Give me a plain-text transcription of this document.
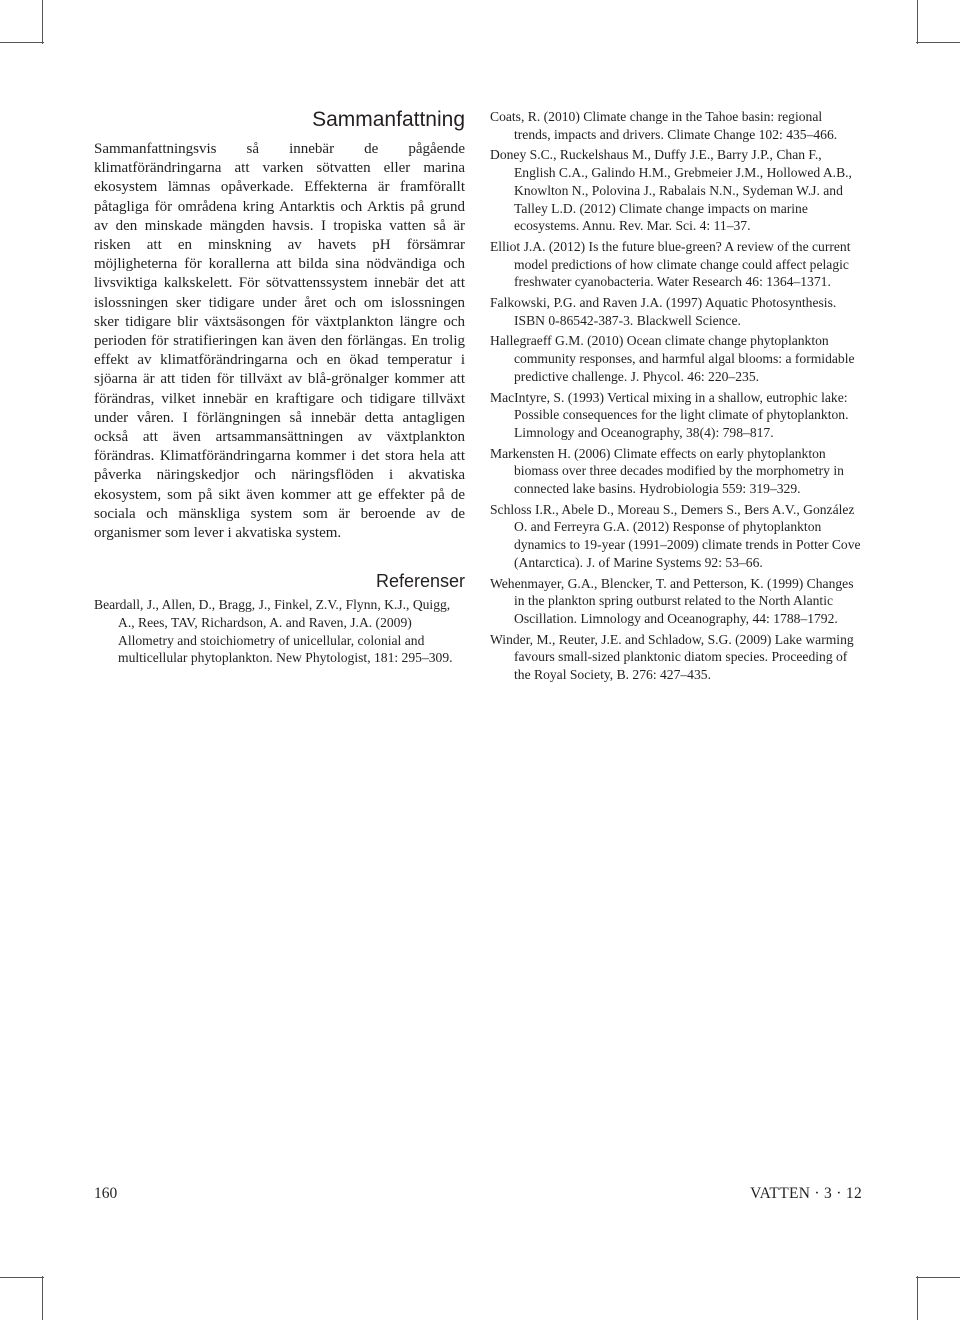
Sammanfattning

Sammanfattningsvis så innebär de pågående klimatförändringarna att varken sötvatten eller marina ekosystem lämnas opåverkade. Effekterna är framförallt påtagliga för områdena kring Antarktis och Arktis på grund av den minskade mängden havsis. I tropiska vatten så är risken att en minskning av havets pH försämrar möjligheterna för korallerna att bilda sina nödvändiga och livsviktiga kalkskelett. För sötvattenssystem innebär det att islossningen sker tidigare under året och om islossningen sker tidigare blir växtsäsongen för växtplankton längre och perioden för stratifieringen kan även den förlängas. En trolig effekt av klimatförändringarna och en ökad temperatur i sjöarna är att tiden för tillväxt av blå-grönalger kommer att förändras, vilket innebär en kraftigare och tidigare tillväxt under våren. I förlängningen så innebär detta antagligen också att även artsammansättningen av växtplankton förändras. Klimatförändringarna kommer i det stora hela att påverka näringskedjor och näringsflöden i akvatiska ekosystem, som på sikt även kommer att ge effekter på de sociala och mänskliga system som är beroende av de organismer som lever i akvatiska system.

Referenser
Beardall, J., Allen, D., Bragg, J., Finkel, Z.V., Flynn, K.J., Quigg, A., Rees, TAV, Richardson, A. and Raven, J.A. (2009) Allometry and stoichiometry of unicellular, colonial and multicellular phytoplankton. New Phytologist, 181: 295–309.
Coats, R. (2010) Climate change in the Tahoe basin: regional trends, impacts and drivers. Climate Change 102: 435–466.
Doney S.C., Ruckelshaus M., Duffy J.E., Barry J.P., Chan F., English C.A., Galindo H.M., Grebmeier J.M., Hollowed A.B., Knowlton N., Polovina J., Rabalais N.N., Sydeman W.J. and Talley L.D. (2012) Climate change impacts on marine ecosystems. Annu. Rev. Mar. Sci. 4: 11–37.
Elliot J.A. (2012) Is the future blue-green? A review of the current model predictions of how climate change could affect pelagic freshwater cyanobacteria. Water Research 46: 1364–1371.
Falkowski, P.G. and Raven J.A. (1997) Aquatic Photosynthesis. ISBN 0-86542-387-3. Blackwell Science.
Hallegraeff G.M. (2010) Ocean climate change phytoplankton community responses, and harmful algal blooms: a formidable predictive challenge. J. Phycol. 46: 220–235.
MacIntyre, S. (1993) Vertical mixing in a shallow, eutrophic lake: Possible consequences for the light climate of phytoplankton. Limnology and Oceanography, 38(4): 798–817.
Markensten H. (2006) Climate effects on early phytoplankton biomass over three decades modified by the morphometry in connected lake basins. Hydrobiologia 559: 319–329.
Schloss I.R., Abele D., Moreau S., Demers S., Bers A.V., González O. and Ferreyra G.A. (2012) Response of phytoplankton dynamics to 19-year (1991–2009) climate trends in Potter Cove (Antarctica). J. of Marine Systems 92: 53–66.
Wehenmayer, G.A., Blencker, T. and Petterson, K. (1999) Changes in the plankton spring outburst related to the North Alantic Oscillation. Limnology and Oceanography, 44: 1788–1792.
Winder, M., Reuter, J.E. and Schladow, S.G. (2009) Lake warming favours small-sized planktonic diatom species. Proceeding of the Royal Society, B. 276: 427–435.
160	VATTEN · 3 · 12
